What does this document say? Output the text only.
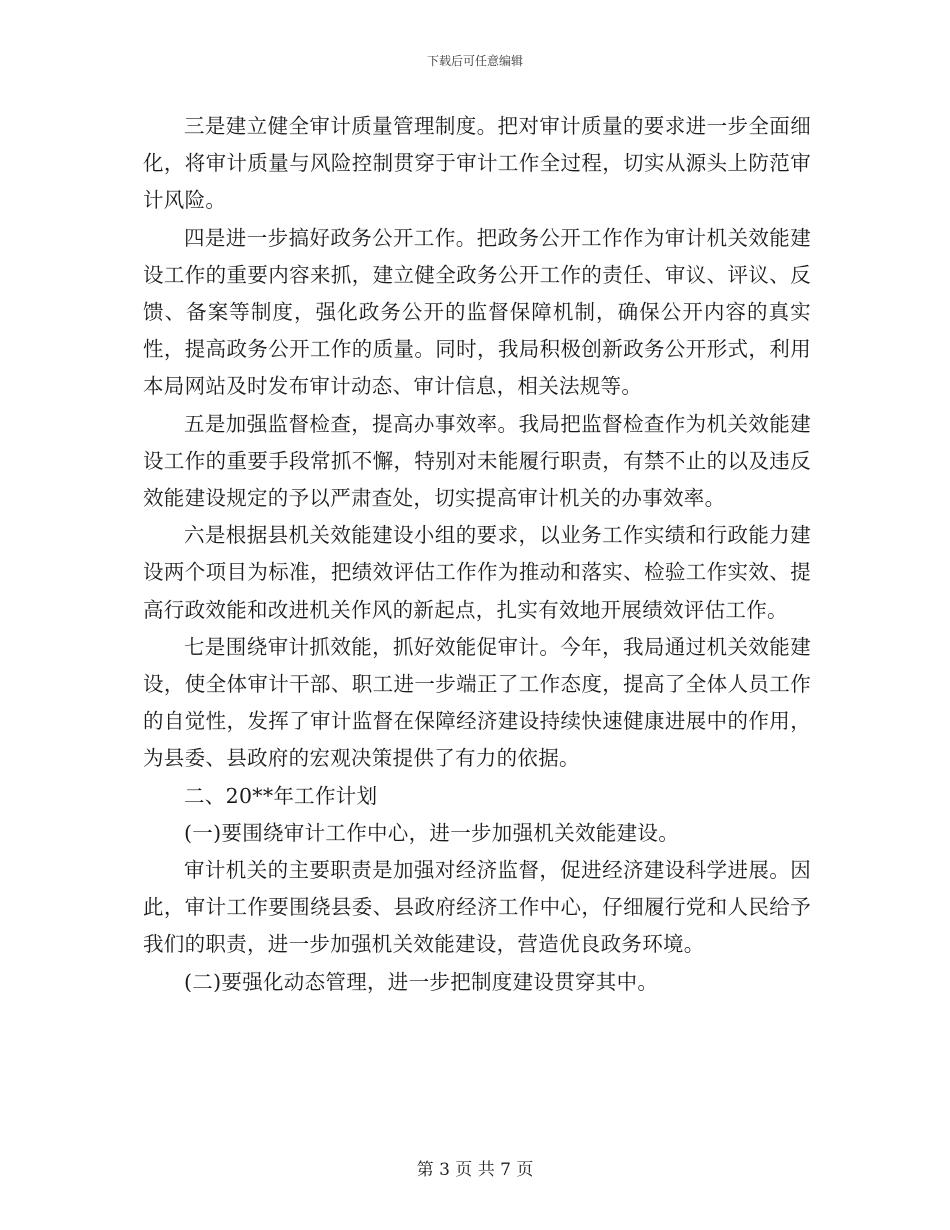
下载后可任意编辑

三是建立健全审计质量管理制度。把对审计质量的要求进一步全面细化，将审计质量与风险控制贯穿于审计工作全过程，切实从源头上防范审计风险。

四是进一步搞好政务公开工作。把政务公开工作作为审计机关效能建设工作的重要内容来抓，建立健全政务公开工作的责任、审议、评议、反馈、备案等制度，强化政务公开的监督保障机制，确保公开内容的真实性，提高政务公开工作的质量。同时，我局积极创新政务公开形式，利用本局网站及时发布审计动态、审计信息，相关法规等。

五是加强监督检查，提高办事效率。我局把监督检查作为机关效能建设工作的重要手段常抓不懈，特别对未能履行职责，有禁不止的以及违反效能建设规定的予以严肃查处，切实提高审计机关的办事效率。

六是根据县机关效能建设小组的要求，以业务工作实绩和行政能力建设两个项目为标准，把绩效评估工作作为推动和落实、检验工作实效、提高行政效能和改进机关作风的新起点，扎实有效地开展绩效评估工作。

七是围绕审计抓效能，抓好效能促审计。今年，我局通过机关效能建设，使全体审计干部、职工进一步端正了工作态度，提高了全体人员工作的自觉性，发挥了审计监督在保障经济建设持续快速健康进展中的作用，为县委、县政府的宏观决策提供了有力的依据。

二、20**年工作计划

(一)要围绕审计工作中心，进一步加强机关效能建设。

审计机关的主要职责是加强对经济监督，促进经济建设科学进展。因此，审计工作要围绕县委、县政府经济工作中心，仔细履行党和人民给予我们的职责，进一步加强机关效能建设，营造优良政务环境。

(二)要强化动态管理，进一步把制度建设贯穿其中。

第 3 页 共 7 页
